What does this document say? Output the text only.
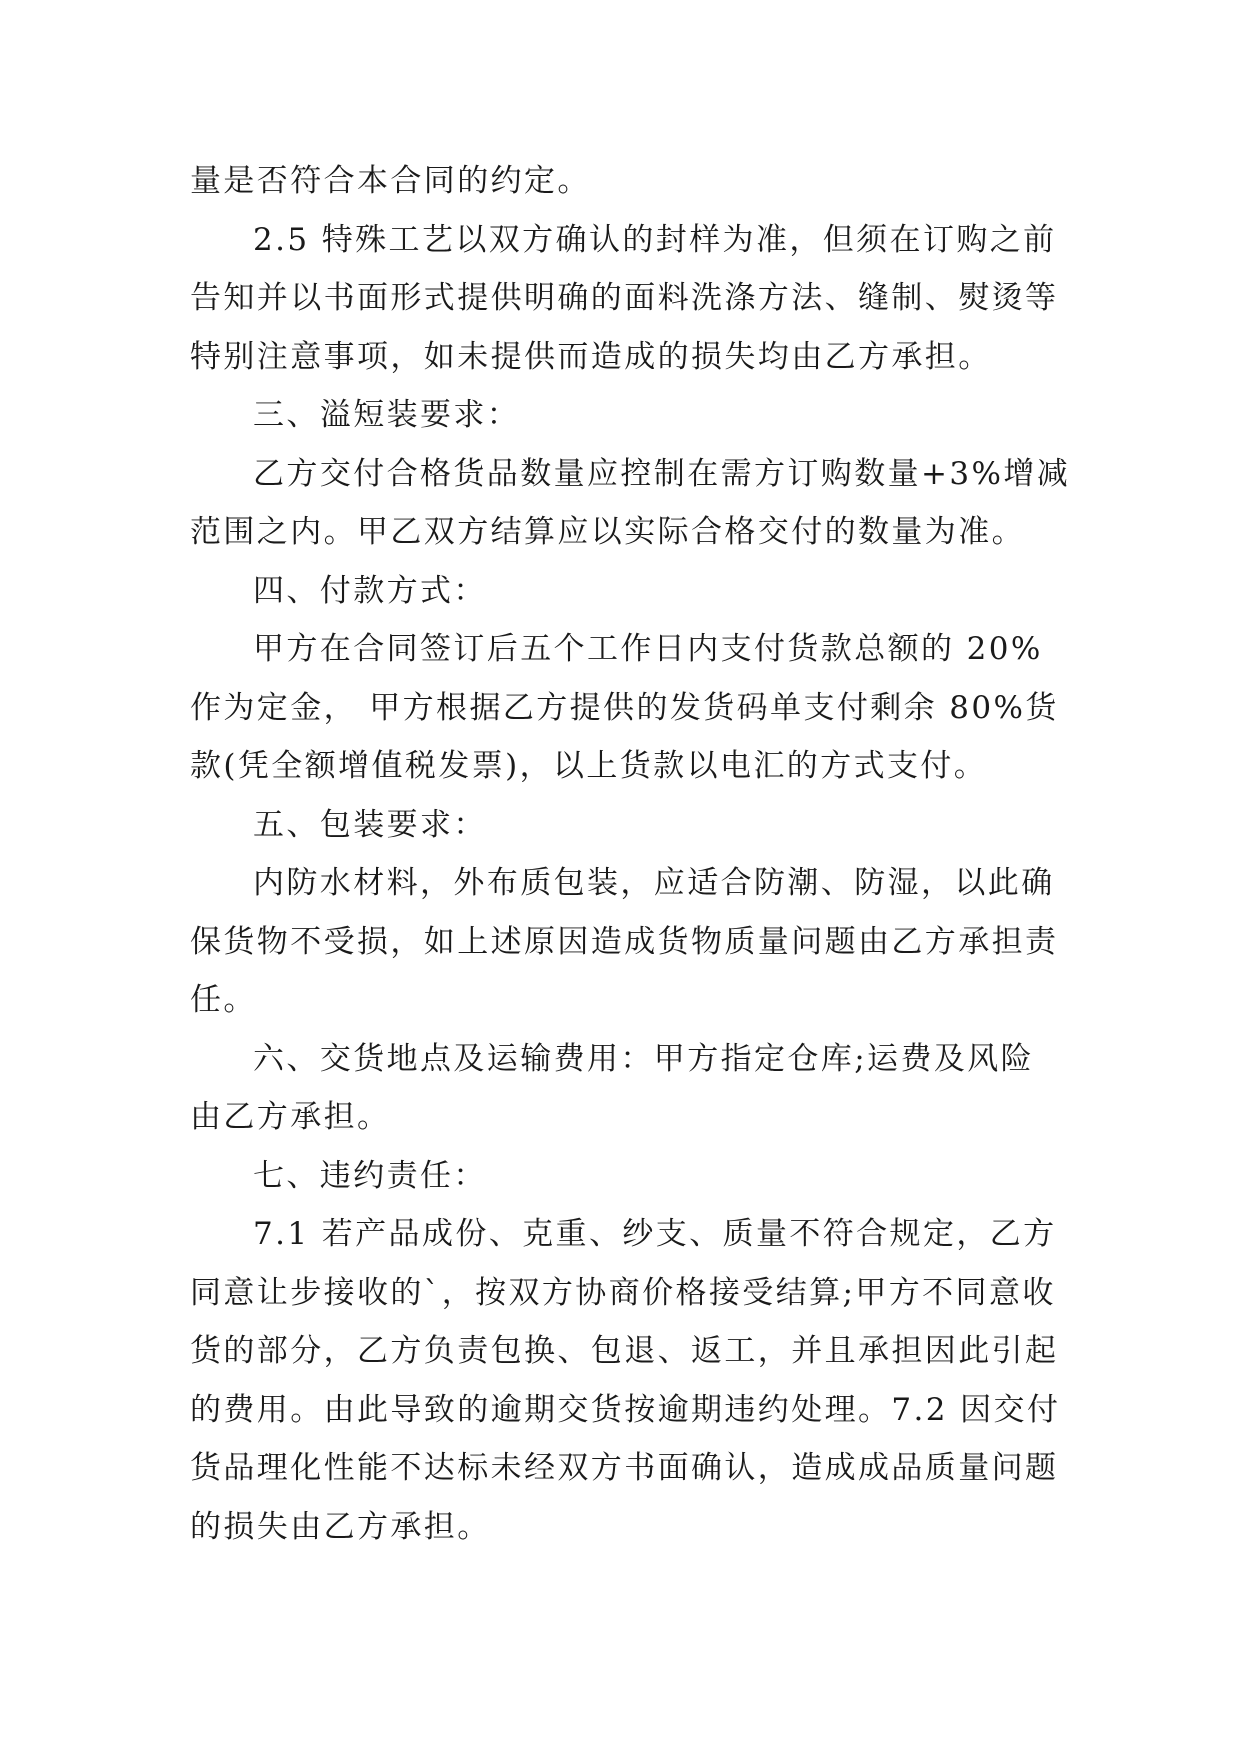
量是否符合本合同的约定。
2.5 特殊工艺以双方确认的封样为准，但须在订购之前
告知并以书面形式提供明确的面料洗涤方法、缝制、熨烫等
特别注意事项，如未提供而造成的损失均由乙方承担。
三、溢短装要求：
乙方交付合格货品数量应控制在需方订购数量+3%增减
范围之内。甲乙双方结算应以实际合格交付的数量为准。
四、付款方式：
甲方在合同签订后五个工作日内支付货款总额的 20%
作为定金， 甲方根据乙方提供的发货码单支付剩余 80%货
款(凭全额增值税发票)，以上货款以电汇的方式支付。
五、包装要求：
内防水材料，外布质包装，应适合防潮、防湿，以此确
保货物不受损，如上述原因造成货物质量问题由乙方承担责
任。
六、交货地点及运输费用：甲方指定仓库;运费及风险
由乙方承担。
七、违约责任：
7.1 若产品成份、克重、纱支、质量不符合规定，乙方
同意让步接收的`，按双方协商价格接受结算;甲方不同意收
货的部分，乙方负责包换、包退、返工，并且承担因此引起
的费用。由此导致的逾期交货按逾期违约处理。7.2 因交付
货品理化性能不达标未经双方书面确认，造成成品质量问题
的损失由乙方承担。
